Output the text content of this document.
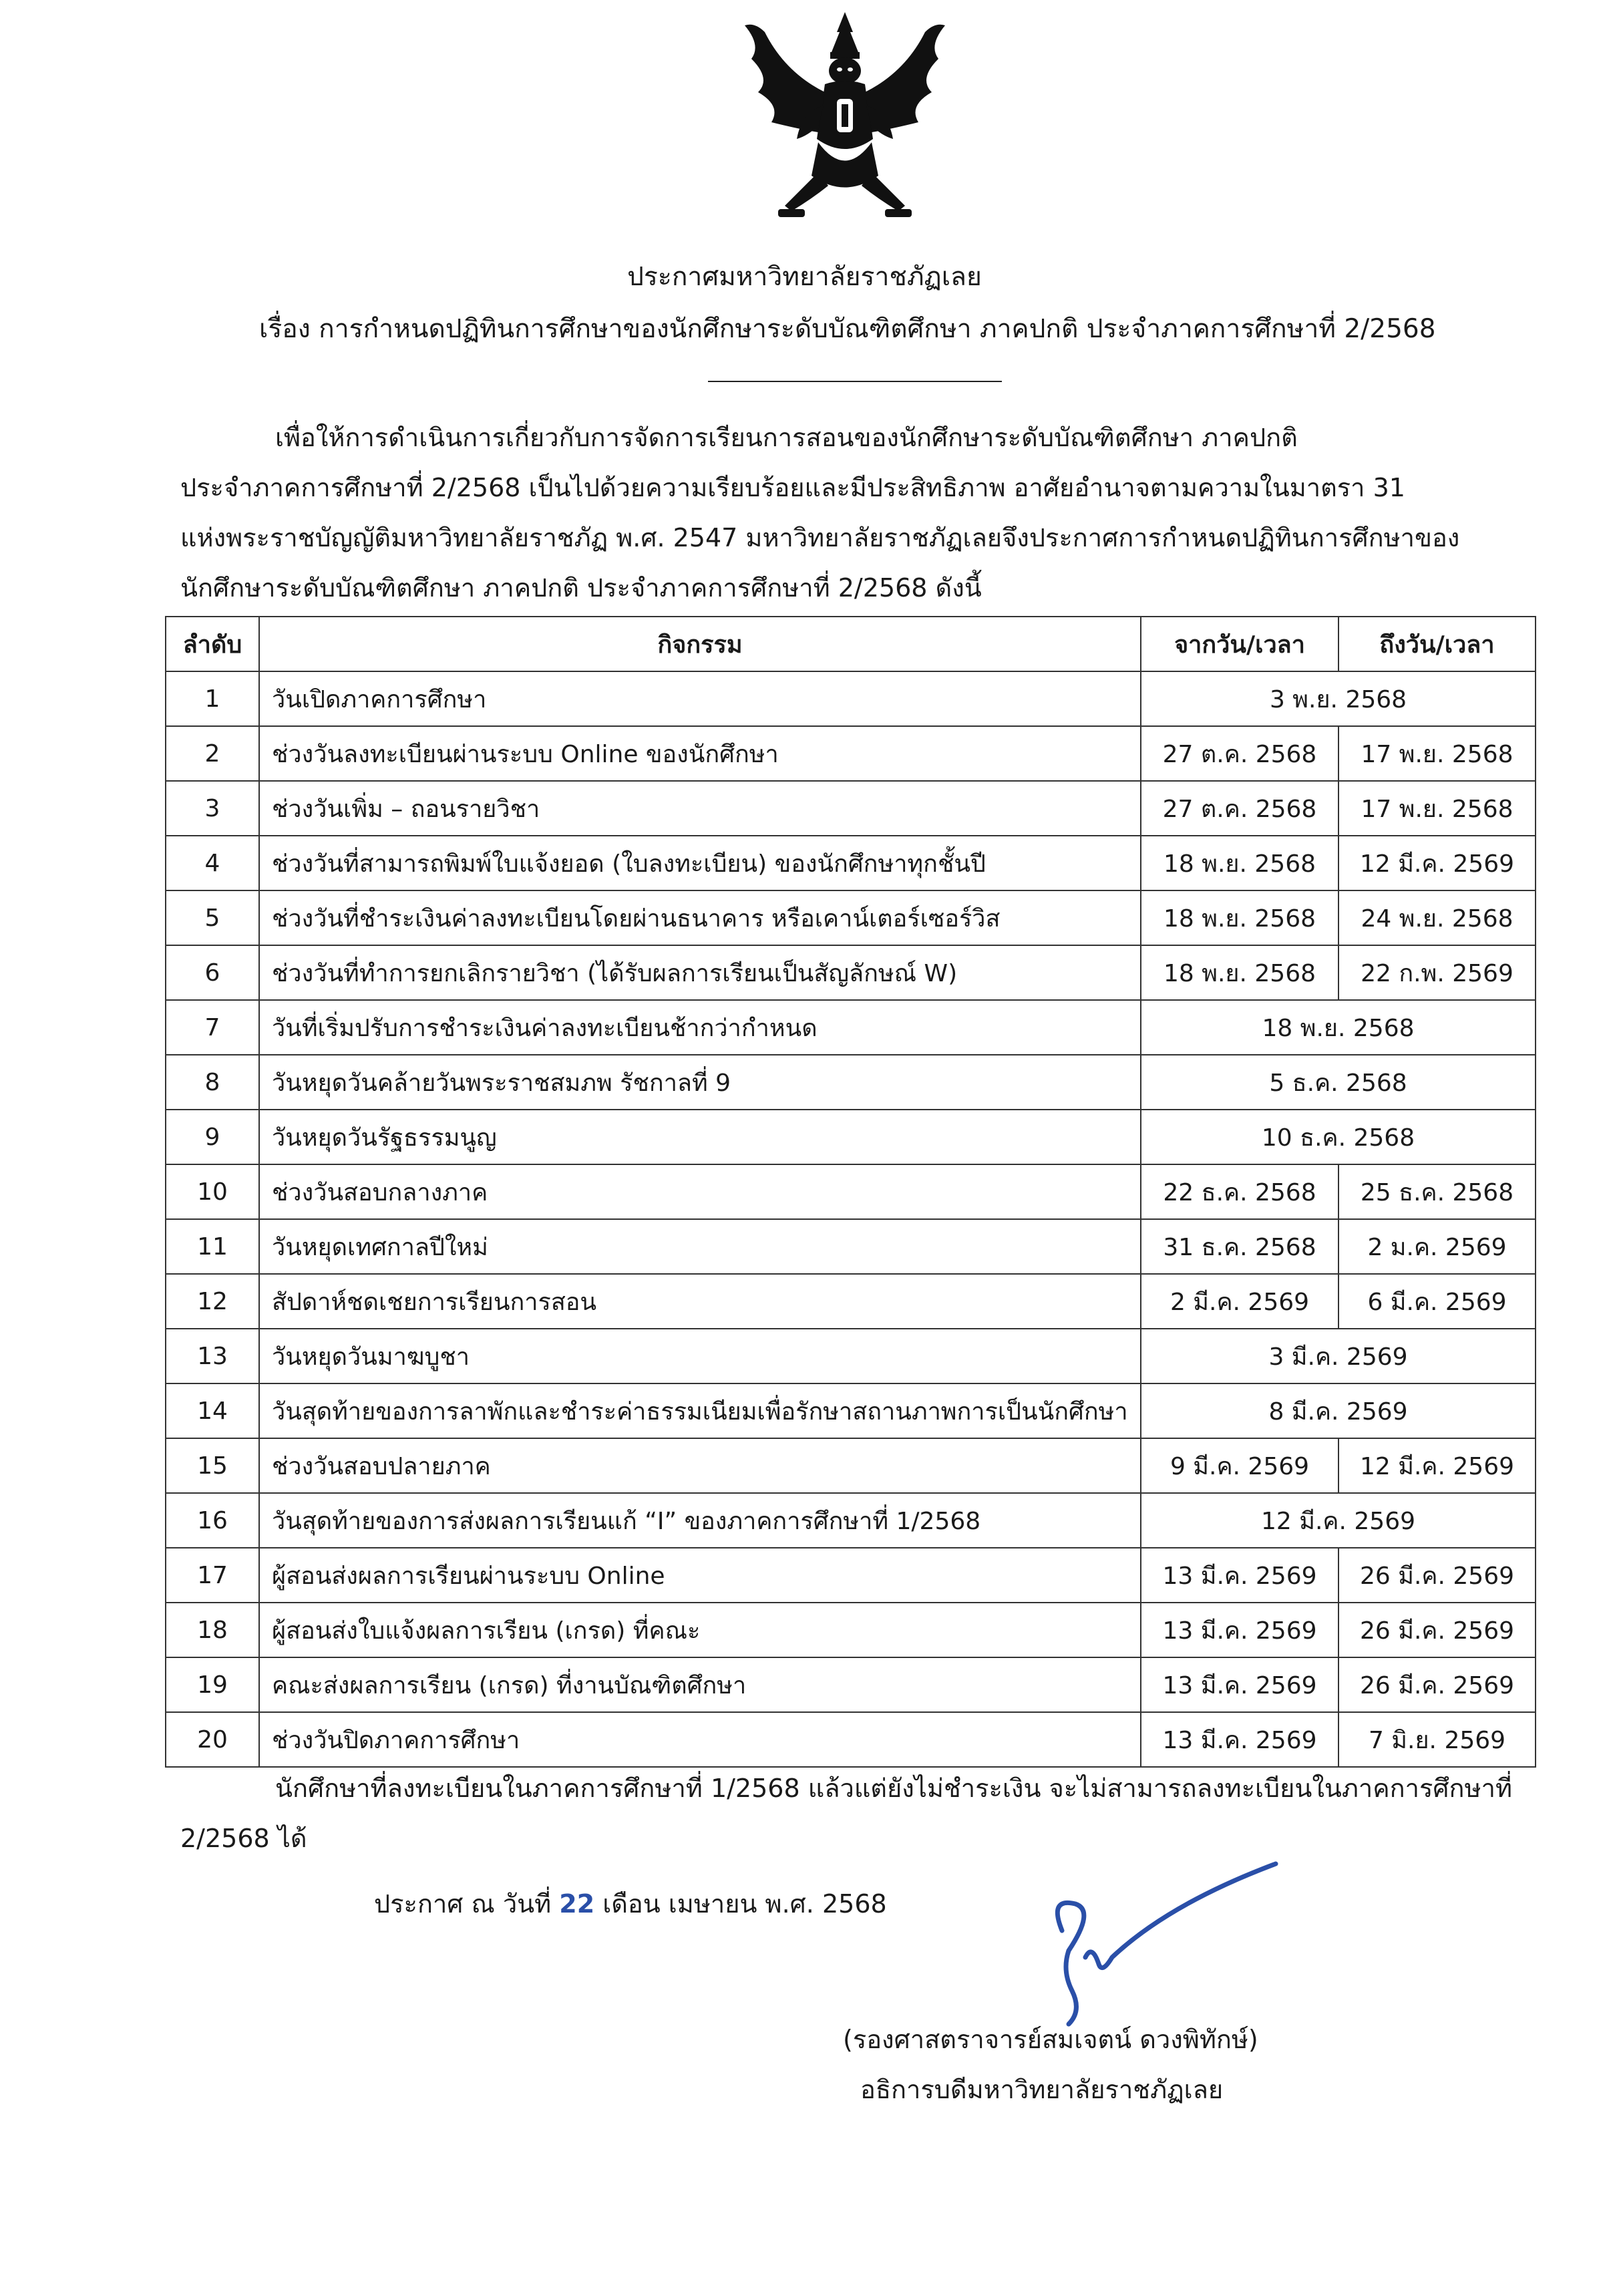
ประกาศมหาวิทยาลัยราชภัฏเลย
เรื่อง การกำหนดปฏิทินการศึกษาของนักศึกษาระดับบัณฑิตศึกษา ภาคปกติ ประจำภาคการศึกษาที่ 2/2568
เพื่อให้การดำเนินการเกี่ยวกับการจัดการเรียนการสอนของนักศึกษาระดับบัณฑิตศึกษา ภาคปกติ
ประจำภาคการศึกษาที่ 2/2568 เป็นไปด้วยความเรียบร้อยและมีประสิทธิภาพ อาศัยอำนาจตามความในมาตรา 31
แห่งพระราชบัญญัติมหาวิทยาลัยราชภัฏ พ.ศ. 2547 มหาวิทยาลัยราชภัฏเลยจึงประกาศการกำหนดปฏิทินการศึกษาของ
นักศึกษาระดับบัณฑิตศึกษา ภาคปกติ ประจำภาคการศึกษาที่ 2/2568 ดังนี้
ลำดับ	กิจกรรม	จากวัน/เวลา	ถึงวัน/เวลา
1	วันเปิดภาคการศึกษา	3 พ.ย. 2568	
2	ช่วงวันลงทะเบียนผ่านระบบ Online ของนักศึกษา	27 ต.ค. 2568	17 พ.ย. 2568
3	ช่วงวันเพิ่ม – ถอนรายวิชา	27 ต.ค. 2568	17 พ.ย. 2568
4	ช่วงวันที่สามารถพิมพ์ใบแจ้งยอด (ใบลงทะเบียน) ของนักศึกษาทุกชั้นปี	18 พ.ย. 2568	12 มี.ค. 2569
5	ช่วงวันที่ชำระเงินค่าลงทะเบียนโดยผ่านธนาคาร หรือเคาน์เตอร์เซอร์วิส	18 พ.ย. 2568	24 พ.ย. 2568
6	ช่วงวันที่ทำการยกเลิกรายวิชา (ได้รับผลการเรียนเป็นสัญลักษณ์ W)	18 พ.ย. 2568	22 ก.พ. 2569
7	วันที่เริ่มปรับการชำระเงินค่าลงทะเบียนช้ากว่ากำหนด	18 พ.ย. 2568	
8	วันหยุดวันคล้ายวันพระราชสมภพ รัชกาลที่ 9	5 ธ.ค. 2568	
9	วันหยุดวันรัฐธรรมนูญ	10 ธ.ค. 2568	
10	ช่วงวันสอบกลางภาค	22 ธ.ค. 2568	25 ธ.ค. 2568
11	วันหยุดเทศกาลปีใหม่	31 ธ.ค. 2568	2 ม.ค. 2569
12	สัปดาห์ชดเชยการเรียนการสอน	2 มี.ค. 2569	6 มี.ค. 2569
13	วันหยุดวันมาฆบูชา	3 มี.ค. 2569	
14	วันสุดท้ายของการลาพักและชำระค่าธรรมเนียมเพื่อรักษาสถานภาพการเป็นนักศึกษา	8 มี.ค. 2569	
15	ช่วงวันสอบปลายภาค	9 มี.ค. 2569	12 มี.ค. 2569
16	วันสุดท้ายของการส่งผลการเรียนแก้ “I” ของภาคการศึกษาที่ 1/2568	12 มี.ค. 2569	
17	ผู้สอนส่งผลการเรียนผ่านระบบ Online	13 มี.ค. 2569	26 มี.ค. 2569
18	ผู้สอนส่งใบแจ้งผลการเรียน (เกรด) ที่คณะ	13 มี.ค. 2569	26 มี.ค. 2569
19	คณะส่งผลการเรียน (เกรด) ที่งานบัณฑิตศึกษา	13 มี.ค. 2569	26 มี.ค. 2569
20	ช่วงวันปิดภาคการศึกษา	13 มี.ค. 2569	7 มิ.ย. 2569
นักศึกษาที่ลงทะเบียนในภาคการศึกษาที่ 1/2568 แล้วแต่ยังไม่ชำระเงิน จะไม่สามารถลงทะเบียนในภาคการศึกษาที่
2/2568 ได้
ประกาศ ณ วันที่ 22 เดือน เมษายน พ.ศ. 2568
(รองศาสตราจารย์สมเจตน์ ดวงพิทักษ์)
อธิการบดีมหาวิทยาลัยราชภัฏเลย
